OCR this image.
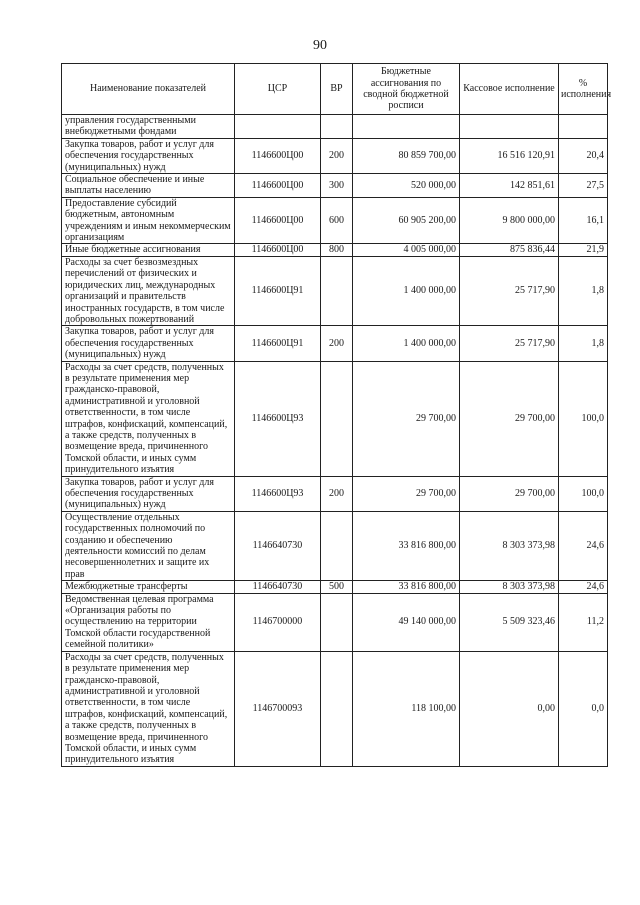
90
Наименование показателей	ЦСР	ВР	Бюджетные ассигнования по сводной бюджетной росписи	Кассовое исполнение	% исполнения
управления государственными внебюджетными фондами					
Закупка товаров, работ и услуг для обеспечения государственных (муниципальных) нужд	1146600Ц00	200	80 859 700,00	16 516 120,91	20,4
Социальное обеспечение и иные выплаты населению	1146600Ц00	300	520 000,00	142 851,61	27,5
Предоставление субсидий бюджетным, автономным учреждениям и иным некоммерческим организациям	1146600Ц00	600	60 905 200,00	9 800 000,00	16,1
Иные бюджетные ассигнования	1146600Ц00	800	4 005 000,00	875 836,44	21,9
Расходы за счет безвозмездных перечислений от физических и юридических лиц, международных организаций и правительств иностранных государств, в том числе добровольных пожертвований	1146600Ц91		1 400 000,00	25 717,90	1,8
Закупка товаров, работ и услуг для обеспечения государственных (муниципальных) нужд	1146600Ц91	200	1 400 000,00	25 717,90	1,8
Расходы за счет средств, полученных в результате применения мер гражданско-правовой, административной и уголовной ответственности, в том числе штрафов, конфискаций, компенсаций, а также средств, полученных в возмещение вреда, причиненного Томской области, и иных сумм принудительного изъятия	1146600Ц93		29 700,00	29 700,00	100,0
Закупка товаров, работ и услуг для обеспечения государственных (муниципальных) нужд	1146600Ц93	200	29 700,00	29 700,00	100,0
Осуществление отдельных государственных полномочий по созданию и обеспечению деятельности комиссий по делам несовершеннолетних и защите их прав	1146640730		33 816 800,00	8 303 373,98	24,6
Межбюджетные трансферты	1146640730	500	33 816 800,00	8 303 373,98	24,6
Ведомственная целевая программа «Организация работы по осуществлению на территории Томской области государственной семейной политики»	1146700000		49 140 000,00	5 509 323,46	11,2
Расходы за счет средств, полученных в результате применения мер гражданско-правовой, административной и уголовной ответственности, в том числе штрафов, конфискаций, компенсаций, а также средств, полученных в возмещение вреда, причиненного Томской области, и иных сумм принудительного изъятия	1146700093		118 100,00	0,00	0,0
